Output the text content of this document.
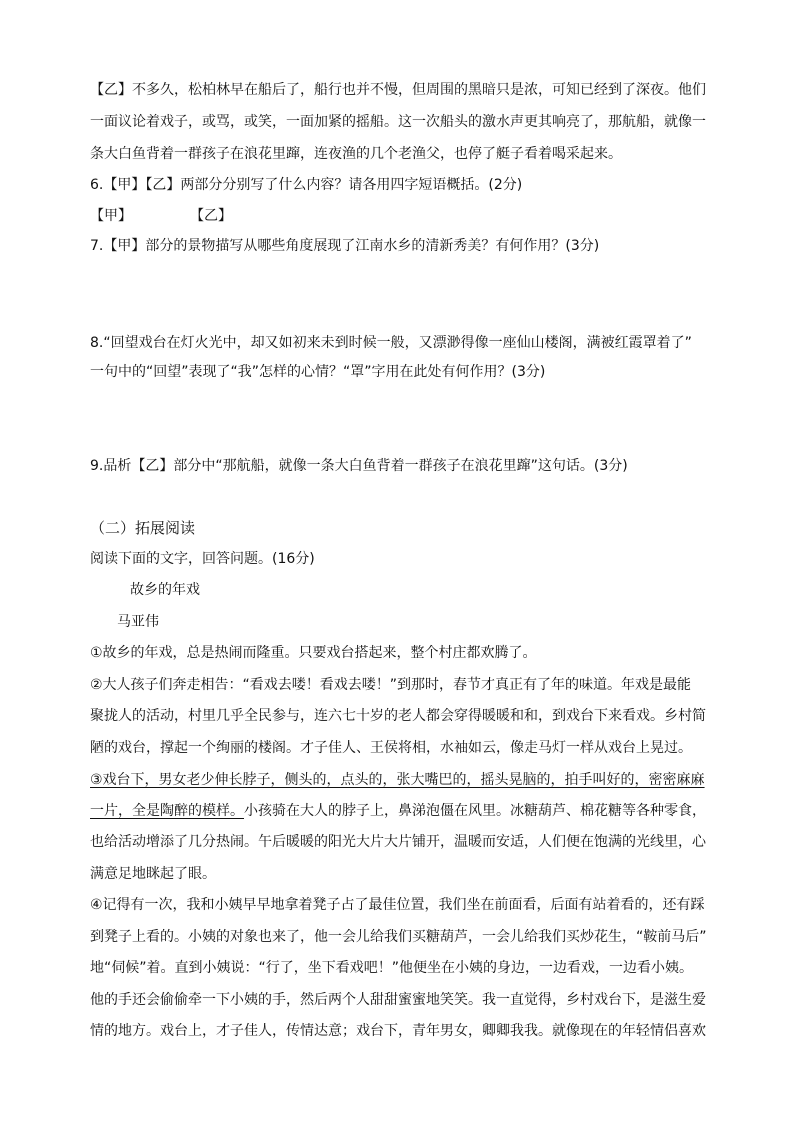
【乙】不多久，松柏林早在船后了，船行也并不慢，但周围的黑暗只是浓，可知已经到了深夜。他们
一面议论着戏子，或骂，或笑，一面加紧的摇船。这一次船头的激水声更其响亮了，那航船，就像一
条大白鱼背着一群孩子在浪花里蹿，连夜渔的几个老渔父，也停了艇子看着喝采起来。
6.【甲】【乙】两部分分别写了什么内容？请各用四字短语概括。(2分)
【甲】	【乙】
7.【甲】部分的景物描写从哪些角度展现了江南水乡的清新秀美？有何作用？(3分)
8.“回望戏台在灯火光中，却又如初来未到时候一般，又漂渺得像一座仙山楼阁，满被红霞罩着了”
一句中的“回望”表现了“我”怎样的心情？“罩”字用在此处有何作用？(3分)
9.品析【乙】部分中“那航船，就像一条大白鱼背着一群孩子在浪花里蹿”这句话。(3分)
（二）拓展阅读
阅读下面的文字，回答问题。(16分)
故乡的年戏
马亚伟
①故乡的年戏，总是热闹而隆重。只要戏台搭起来，整个村庄都欢腾了。
②大人孩子们奔走相告：“看戏去喽！看戏去喽！”到那时，春节才真正有了年的味道。年戏是最能
聚拢人的活动，村里几乎全民参与，连六七十岁的老人都会穿得暖暖和和，到戏台下来看戏。乡村简
陋的戏台，撑起一个绚丽的楼阁。才子佳人、王侯将相，水袖如云，像走马灯一样从戏台上晃过。
③戏台下，男女老少伸长脖子，侧头的，点头的，张大嘴巴的，摇头晃脑的，拍手叫好的，密密麻麻
一片，全是陶醉的模样。小孩骑在大人的脖子上，鼻涕泡僵在风里。冰糖葫芦、棉花糖等各种零食，
也给活动增添了几分热闹。午后暖暖的阳光大片大片铺开，温暖而安适，人们便在饱满的光线里，心
满意足地眯起了眼。
④记得有一次，我和小姨早早地拿着凳子占了最佳位置，我们坐在前面看，后面有站着看的，还有踩
到凳子上看的。小姨的对象也来了，他一会儿给我们买糖葫芦，一会儿给我们买炒花生，“鞍前马后”
地“伺候”着。直到小姨说：“行了，坐下看戏吧！”他便坐在小姨的身边，一边看戏，一边看小姨。
他的手还会偷偷牵一下小姨的手，然后两个人甜甜蜜蜜地笑笑。我一直觉得，乡村戏台下，是滋生爱
情的地方。戏台上，才子佳人，传情达意；戏台下，青年男女，卿卿我我。就像现在的年轻情侣喜欢
